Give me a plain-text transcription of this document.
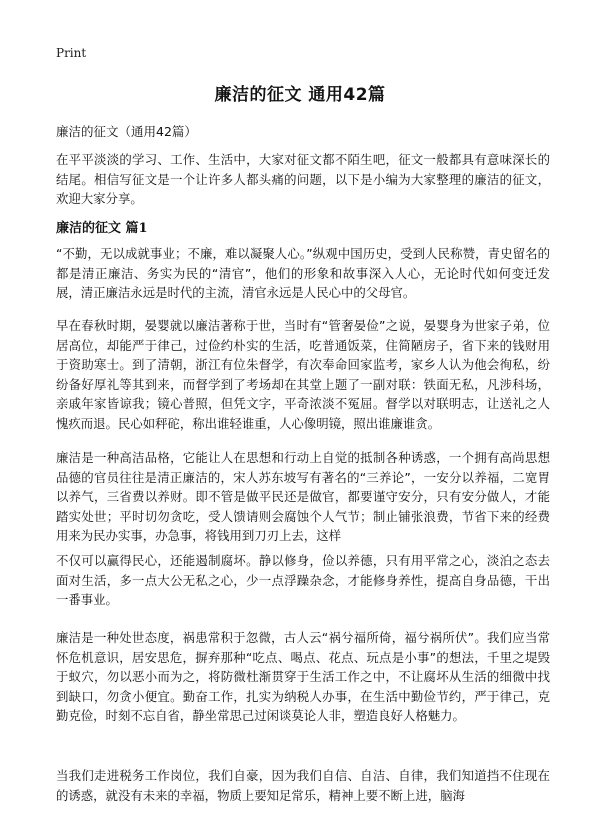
Print
廉洁的征文 通用42篇
廉洁的征文（通用42篇）

在平平淡淡的学习、工作、生活中，大家对征文都不陌生吧，征文一般都具有意味深长的结尾。相信写征文是一个让许多人都头痛的问题，以下是小编为大家整理的廉洁的征文，欢迎大家分享。

廉洁的征文 篇1

“不勤，无以成就事业；不廉，难以凝聚人心。”纵观中国历史，受到人民称赞，青史留名的都是清正廉洁、务实为民的“清官”，他们的形象和故事深入人心，无论时代如何变迁发展，清正廉洁永远是时代的主流，清官永远是人民心中的父母官。

早在春秋时期，晏婴就以廉洁著称于世，当时有“管奢晏俭”之说，晏婴身为世家子弟，位居高位，却能严于律己，过俭约朴实的生活，吃普通饭菜，住简陋房子，省下来的钱财用于资助寒士。到了清朝，浙江有位朱督学，有次奉命回家监考，家乡人认为他会徇私，纷纷备好厚礼等其到来，而督学到了考场却在其堂上题了一副对联：铁面无私，凡涉科场，亲戚年家皆谅我；镜心普照，但凭文字，平奇浓淡不冤屈。督学以对联明志，让送礼之人愧疚而退。民心如秤砣，称出谁轻谁重，人心像明镜，照出谁廉谁贪。

廉洁是一种高洁品格，它能让人在思想和行动上自觉的抵制各种诱惑，一个拥有高尚思想品德的官员往往是清正廉洁的，宋人苏东坡写有著名的“三养论”，一安分以养福，二宽胃以养气，三省费以养财。即不管是做平民还是做官，都要谨守安分，只有安分做人，才能踏实处世；平时切勿贪吃，受人馈请则会腐蚀个人气节；制止铺张浪费，节省下来的经费用来为民办实事，办急事，将钱用到刀刃上去，这样

不仅可以赢得民心，还能遏制腐坏。静以修身，俭以养德，只有用平常之心，淡泊之态去面对生活，多一点大公无私之心，少一点浮躁杂念，才能修身养性，提高自身品德，干出一番事业。

廉洁是一种处世态度，祸患常积于忽微，古人云“祸兮福所倚，福兮祸所伏”。我们应当常怀危机意识，居安思危，摒弃那种“吃点、喝点、花点、玩点是小事”的想法，千里之堤毁于蚁穴，勿以恶小而为之，将防微杜渐贯穿于生活工作之中，不让腐坏从生活的细微中找到缺口，勿贪小便宜。勤奋工作，扎实为纳税人办事，在生活中勤俭节约，严于律己，克勤克俭，时刻不忘自省，静坐常思己过闲谈莫论人非，塑造良好人格魅力。

当我们走进税务工作岗位，我们自豪，因为我们自信、自洁、自律，我们知道挡不住现在的诱惑，就没有未来的幸福，物质上要知足常乐，精神上要不断上进，脑海
